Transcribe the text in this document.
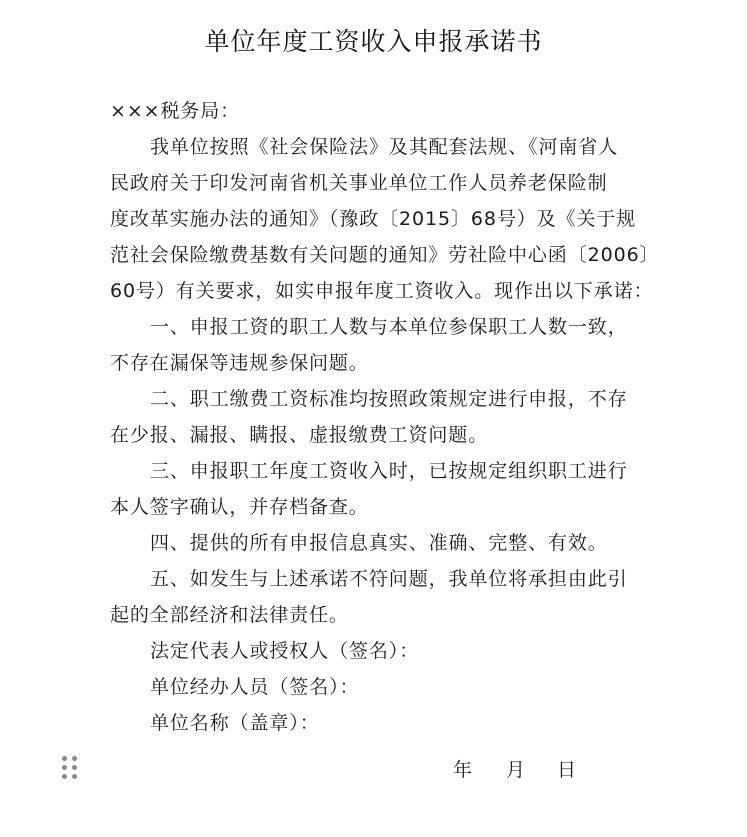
单位年度工资收入申报承诺书
×××税务局：
我单位按照《社会保险法》及其配套法规、《河南省人
民政府关于印发河南省机关事业单位工作人员养老保险制
度改革实施办法的通知》（豫政〔2015〕68号）及《关于规
范社会保险缴费基数有关问题的通知》劳社险中心函〔2006〕
60号）有关要求，如实申报年度工资收入。现作出以下承诺：
一、申报工资的职工人数与本单位参保职工人数一致，
不存在漏保等违规参保问题。
二、职工缴费工资标准均按照政策规定进行申报，不存
在少报、漏报、瞒报、虚报缴费工资问题。
三、申报职工年度工资收入时，已按规定组织职工进行
本人签字确认，并存档备查。
四、提供的所有申报信息真实、准确、完整、有效。
五、如发生与上述承诺不符问题，我单位将承担由此引
起的全部经济和法律责任。
法定代表人或授权人（签名）：
单位经办人员（签名）：
单位名称（盖章）：
年 月 日
